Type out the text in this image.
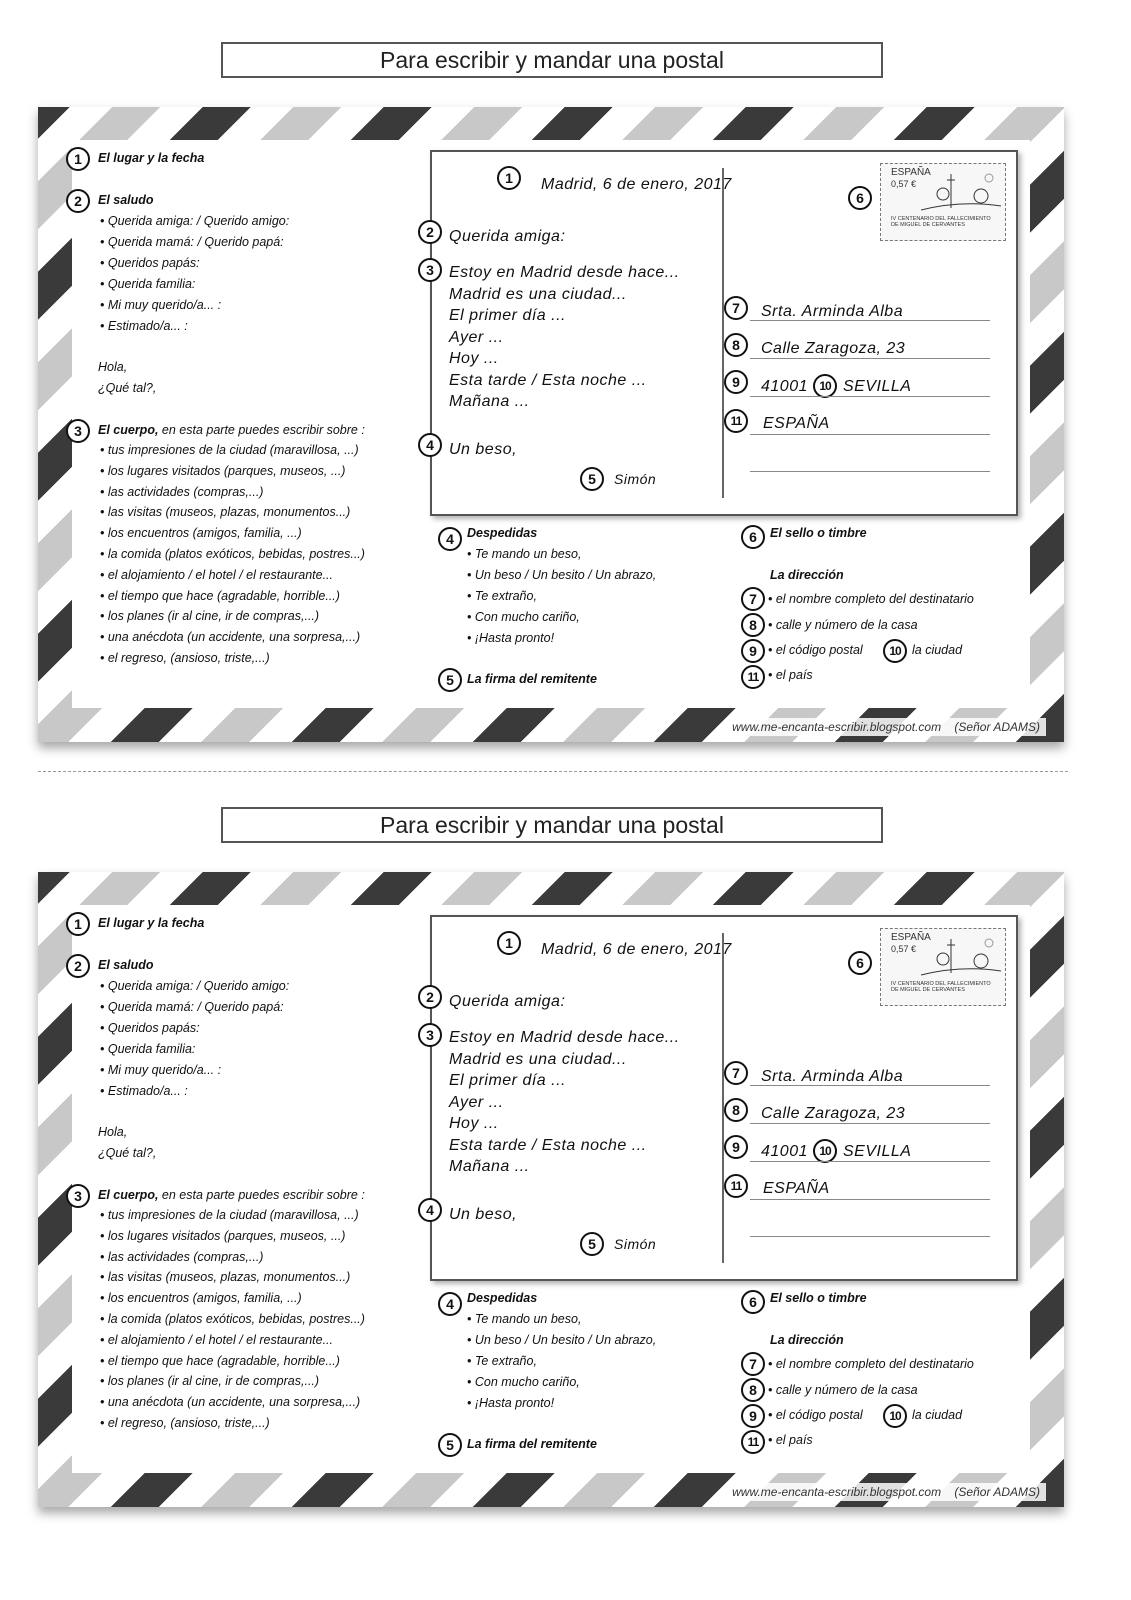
Para escribir y mandar una postal
www.me-encanta-escribir.blogspot.com (Señor ADAMS)
1	El lugar y la fecha
2	El saludo
Hola,
¿Qué tal?,
3	El cuerpo, en esta parte puedes escribir sobre :
4	Despedidas
5	La firma del remitente
6	El sello o timbre
La dirección
7 • el nombre completo del destinatario
8 • calle y número de la casa
9 • el código postal	10 la ciudad
11 • el país
1	Madrid, 6 de enero, 2017
2 Querida amiga:
3
4 Un beso,
5	Simón
6
ESPAÑA
0,57 €
IV CENTENARIO DEL FALLECIMIENTO DE MIGUEL DE CERVANTES
7	Srta. Arminda Alba
8	Calle Zaragoza, 23
9	41001 10 SEVILLA
11	ESPAÑA
• Querida amiga: / Querido amigo:
• Querida mamá: / Querido papá:
• Queridos papás:
• Querida familia:
• Mi muy querido/a... :
• Estimado/a... :
• tus impresiones de la ciudad (maravillosa, ...)
• los lugares visitados (parques, museos, ...)
• las actividades (compras,...)
• las visitas (museos, plazas, monumentos...)
• los encuentros (amigos, familia, ...)
• la comida (platos exóticos, bebidas, postres...)
• el alojamiento / el hotel / el restaurante...
• el tiempo que hace (agradable, horrible...)
• los planes (ir al cine, ir de compras,...)
• una anécdota (un accidente, una sorpresa,...)
• el regreso, (ansioso, triste,...)
• Te mando un beso,
• Un beso / Un besito / Un abrazo,
• Te extraño,
• Con mucho cariño,
• ¡Hasta pronto!
Estoy en Madrid desde hace...
Madrid es una ciudad...
El primer día ...
Ayer ...
Hoy ...
Esta tarde / Esta noche ...
Mañana ...
Para escribir y mandar una postal
www.me-encanta-escribir.blogspot.com (Señor ADAMS)
1	El lugar y la fecha
2	El saludo
Hola,
¿Qué tal?,
3	El cuerpo, en esta parte puedes escribir sobre :
4	Despedidas
5	La firma del remitente
6	El sello o timbre
La dirección
7 • el nombre completo del destinatario
8 • calle y número de la casa
9 • el código postal	10 la ciudad
11 • el país
1	Madrid, 6 de enero, 2017
2 Querida amiga:
3
4 Un beso,
5	Simón
6
ESPAÑA
0,57 €
IV CENTENARIO DEL FALLECIMIENTO DE MIGUEL DE CERVANTES
7	Srta. Arminda Alba
8	Calle Zaragoza, 23
9	41001 10 SEVILLA
11	ESPAÑA
• Querida amiga: / Querido amigo:
• Querida mamá: / Querido papá:
• Queridos papás:
• Querida familia:
• Mi muy querido/a... :
• Estimado/a... :
• tus impresiones de la ciudad (maravillosa, ...)
• los lugares visitados (parques, museos, ...)
• las actividades (compras,...)
• las visitas (museos, plazas, monumentos...)
• los encuentros (amigos, familia, ...)
• la comida (platos exóticos, bebidas, postres...)
• el alojamiento / el hotel / el restaurante...
• el tiempo que hace (agradable, horrible...)
• los planes (ir al cine, ir de compras,...)
• una anécdota (un accidente, una sorpresa,...)
• el regreso, (ansioso, triste,...)
• Te mando un beso,
• Un beso / Un besito / Un abrazo,
• Te extraño,
• Con mucho cariño,
• ¡Hasta pronto!
Estoy en Madrid desde hace...
Madrid es una ciudad...
El primer día ...
Ayer ...
Hoy ...
Esta tarde / Esta noche ...
Mañana ...
